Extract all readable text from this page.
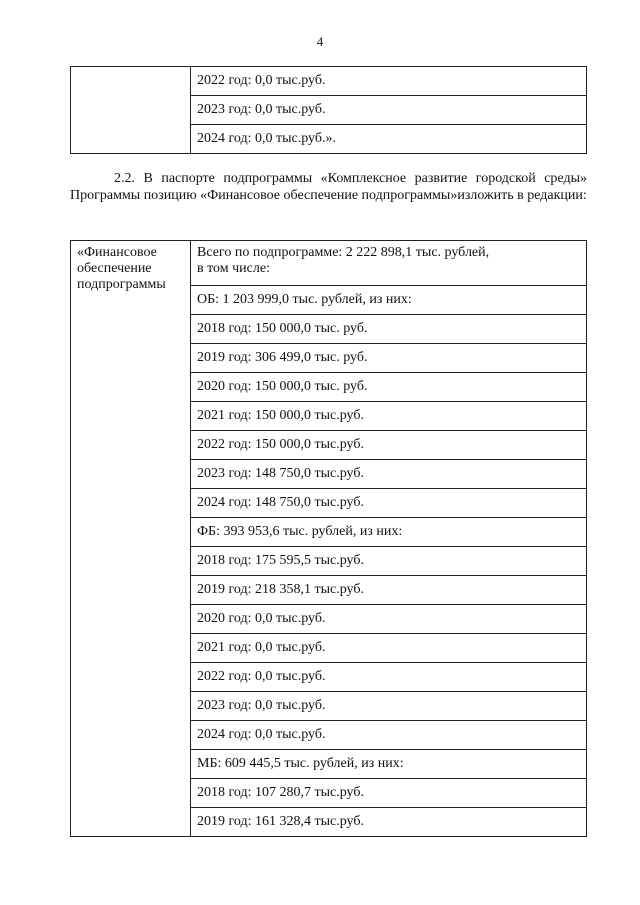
4
	2022 год: 0,0 тыс.руб.
2023 год: 0,0 тыс.руб.
2024 год: 0,0 тыс.руб.».
2.2. В паспорте подпрограммы «Комплексное развитие городской среды» Программы позицию «Финансовое обеспечение подпрограммы»изложить в редакции:
«Финансовое обеспечение подпрограммы	
Всего по подпрограмме: 2 222 898,1 тыс. рублей,
в том числе:

ОБ: 1 203 999,0 тыс. рублей, из них:
2018 год: 150 000,0 тыс. руб.
2019 год: 306 499,0 тыс. руб.
2020 год: 150 000,0 тыс. руб.
2021 год: 150 000,0 тыс.руб.
2022 год: 150 000,0 тыс.руб.
2023 год: 148 750,0 тыс.руб.
2024 год: 148 750,0 тыс.руб.
ФБ: 393 953,6 тыс. рублей, из них:
2018 год: 175 595,5 тыс.руб.
2019 год: 218 358,1 тыс.руб.
2020 год: 0,0 тыс.руб.
2021 год: 0,0 тыс.руб.
2022 год: 0,0 тыс.руб.
2023 год: 0,0 тыс.руб.
2024 год: 0,0 тыс.руб.
МБ: 609 445,5 тыс. рублей, из них:
2018 год: 107 280,7 тыс.руб.
2019 год: 161 328,4 тыс.руб.
